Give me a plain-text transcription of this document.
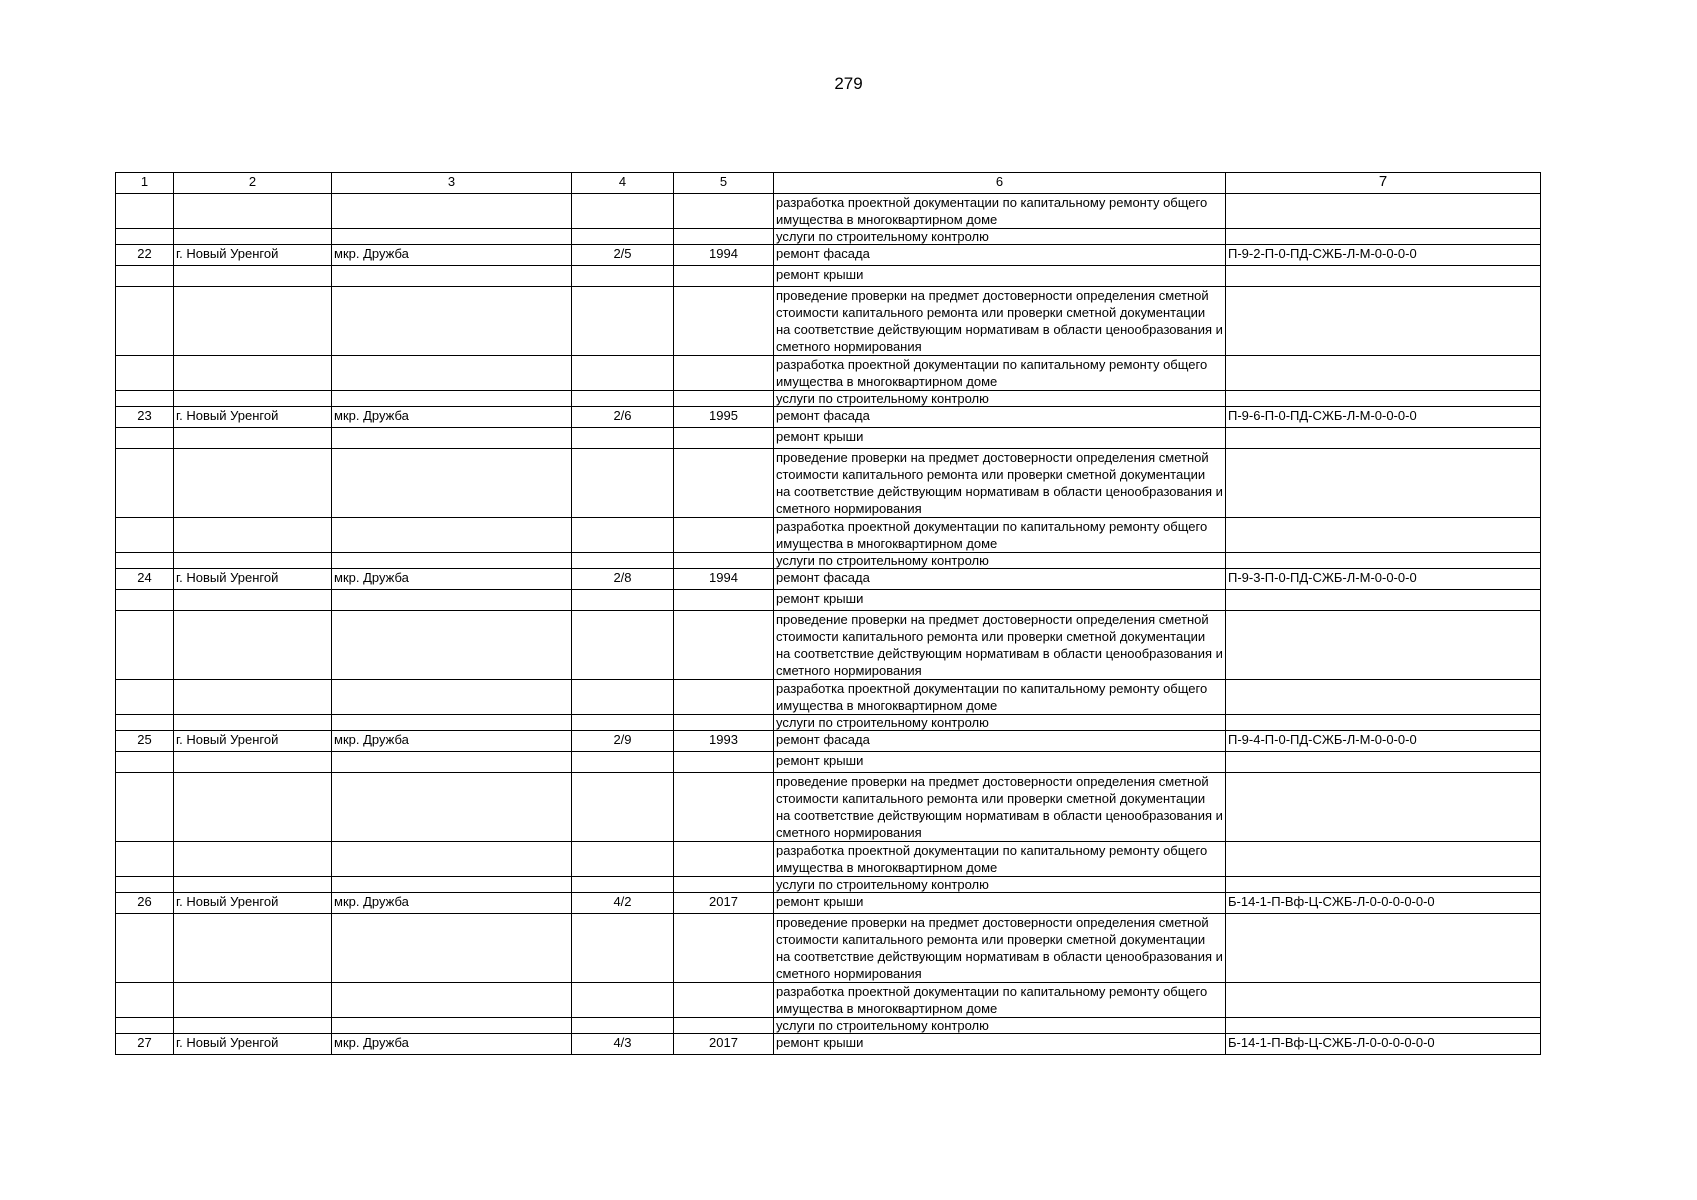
279
1	2	3	4	5	6	7
					разработка проектной документации по капитальному ремонту общего имущества в многоквартирном доме	
					услуги по строительному контролю	
22	г. Новый Уренгой	мкр. Дружба	2/5	1994	ремонт фасада	П-9-2-П-0-ПД-СЖБ-Л-М-0-0-0-0
					ремонт крыши	
					проведение проверки на предмет достоверности определения сметной стоимости капитального ремонта или проверки сметной документации на соответствие действующим нормативам в области ценообразования и сметного нормирования	
					разработка проектной документации по капитальному ремонту общего имущества в многоквартирном доме	
					услуги по строительному контролю	
23	г. Новый Уренгой	мкр. Дружба	2/6	1995	ремонт фасада	П-9-6-П-0-ПД-СЖБ-Л-М-0-0-0-0
					ремонт крыши	
					проведение проверки на предмет достоверности определения сметной стоимости капитального ремонта или проверки сметной документации на соответствие действующим нормативам в области ценообразования и сметного нормирования	
					разработка проектной документации по капитальному ремонту общего имущества в многоквартирном доме	
					услуги по строительному контролю	
24	г. Новый Уренгой	мкр. Дружба	2/8	1994	ремонт фасада	П-9-3-П-0-ПД-СЖБ-Л-М-0-0-0-0
					ремонт крыши	
					проведение проверки на предмет достоверности определения сметной стоимости капитального ремонта или проверки сметной документации на соответствие действующим нормативам в области ценообразования и сметного нормирования	
					разработка проектной документации по капитальному ремонту общего имущества в многоквартирном доме	
					услуги по строительному контролю	
25	г. Новый Уренгой	мкр. Дружба	2/9	1993	ремонт фасада	П-9-4-П-0-ПД-СЖБ-Л-М-0-0-0-0
					ремонт крыши	
					проведение проверки на предмет достоверности определения сметной стоимости капитального ремонта или проверки сметной документации на соответствие действующим нормативам в области ценообразования и сметного нормирования	
					разработка проектной документации по капитальному ремонту общего имущества в многоквартирном доме	
					услуги по строительному контролю	
26	г. Новый Уренгой	мкр. Дружба	4/2	2017	ремонт крыши	Б-14-1-П-Вф-Ц-СЖБ-Л-0-0-0-0-0-0
					проведение проверки на предмет достоверности определения сметной стоимости капитального ремонта или проверки сметной документации на соответствие действующим нормативам в области ценообразования и сметного нормирования	
					разработка проектной документации по капитальному ремонту общего имущества в многоквартирном доме	
					услуги по строительному контролю	
27	г. Новый Уренгой	мкр. Дружба	4/3	2017	ремонт крыши	Б-14-1-П-Вф-Ц-СЖБ-Л-0-0-0-0-0-0
